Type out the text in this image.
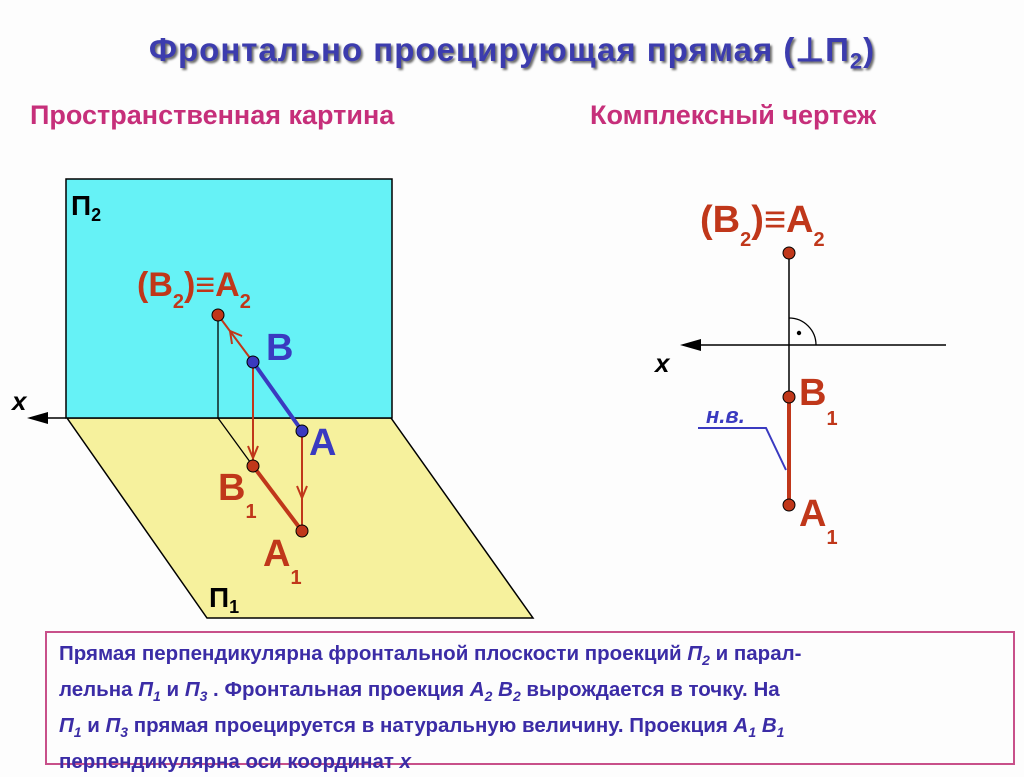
Фронтально проецирующая прямая $(\perp П_2)$
Пространственная картина	Комплексный чертеж
$П_2$
$П_1$
x
$(B_2)\equiv A_2$
B
A
$B_1$
$A_1$
$(B_2)\equiv A_2$
x
$B_1$
$A_1$
н.в.
Прямая перпендикулярна фронтальной плоскости проекций $П_2$ и парал-
лельна $П_1$ и $П_3$ . Фронтальная проекция $А_2$ $В_2$ вырождается в точку. На
$П_1$ и $П_3$ прямая проецируется в натуральную величину. Проекция $А_1$ $В_1$
перпендикулярна оси координат х
